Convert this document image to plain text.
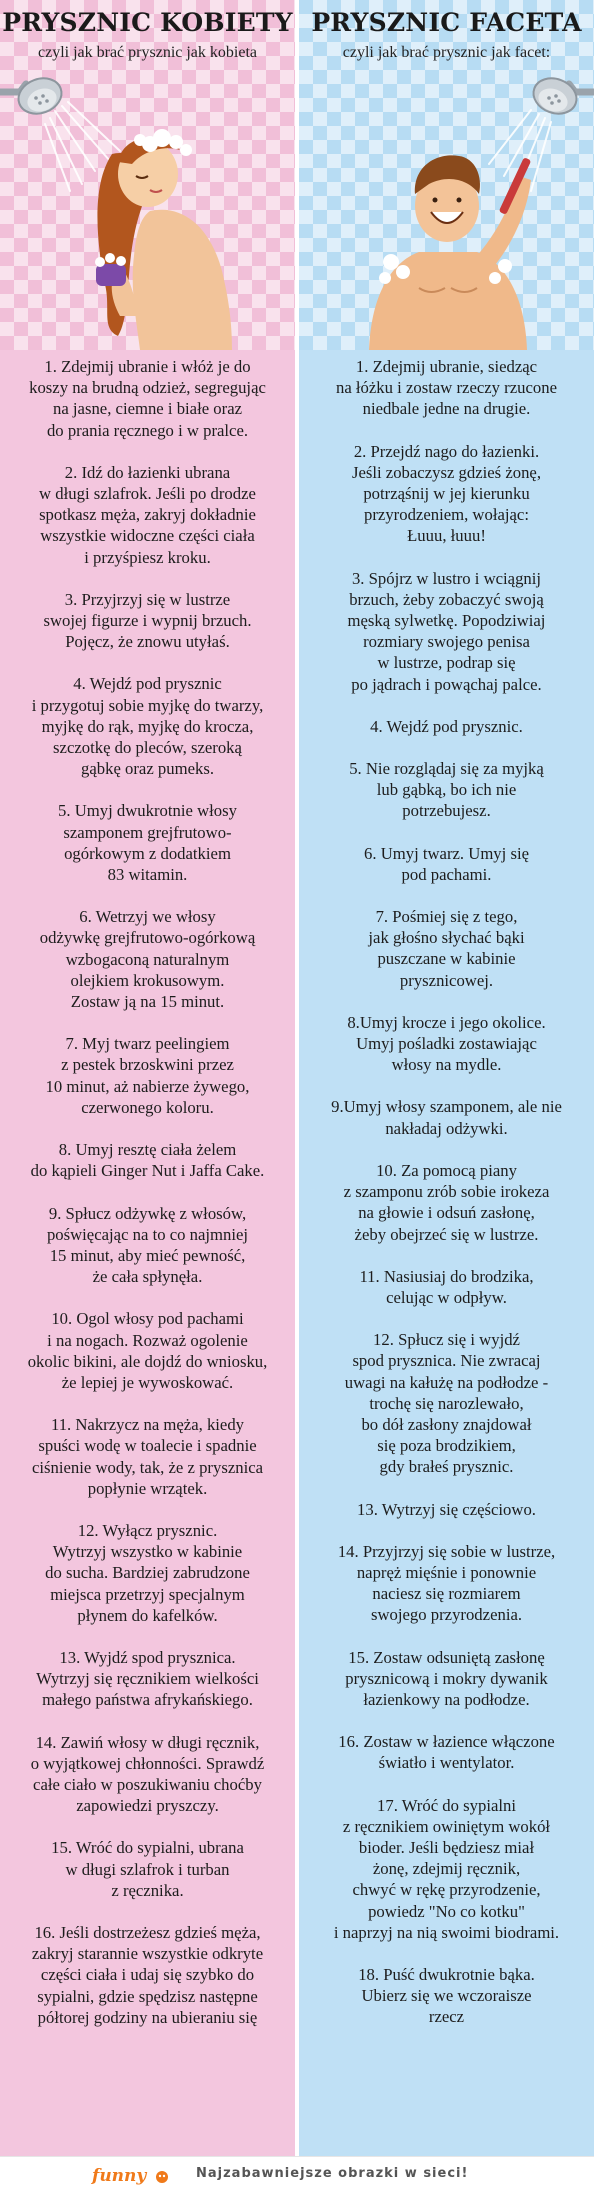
PRYSZNIC KOBIETY
czyli jak brać prysznic jak kobieta
1. Zdejmij ubranie i włóż je do
koszy na brudną odzież, segregując
na jasne, ciemne i białe oraz
do prania ręcznego i w pralce.
2. Idź do łazienki ubrana
w długi szlafrok. Jeśli po drodze
spotkasz męża, zakryj dokładnie
wszystkie widoczne części ciała
i przyśpiesz kroku.
3. Przyjrzyj się w lustrze
swojej figurze i wypnij brzuch.
Pojęcz, że znowu utyłaś.
4. Wejdź pod prysznic
i przygotuj sobie myjkę do twarzy,
myjkę do rąk, myjkę do krocza,
szczotkę do pleców, szeroką
gąbkę oraz pumeks.
5. Umyj dwukrotnie włosy
szamponem grejfrutowo-
ogórkowym z dodatkiem
83 witamin.
6. Wetrzyj we włosy
odżywkę grejfrutowo-ogórkową
wzbogaconą naturalnym
olejkiem krokusowym.
Zostaw ją na 15 minut.
7. Myj twarz peelingiem
z pestek brzoskwini przez
10 minut, aż nabierze żywego,
czerwonego koloru.
8. Umyj resztę ciała żelem
do kąpieli Ginger Nut i Jaffa Cake.
9. Spłucz odżywkę z włosów,
poświęcając na to co najmniej
15 minut, aby mieć pewność,
że cała spłynęła.
10. Ogol włosy pod pachami
i na nogach. Rozważ ogolenie
okolic bikini, ale dojdź do wniosku,
że lepiej je wywoskować.
11. Nakrzycz na męża, kiedy
spuści wodę w toalecie i spadnie
ciśnienie wody, tak, że z prysznica
popłynie wrzątek.
12. Wyłącz prysznic.
Wytrzyj wszystko w kabinie
do sucha. Bardziej zabrudzone
miejsca przetrzyj specjalnym
płynem do kafelków.
13. Wyjdź spod prysznica.
Wytrzyj się ręcznikiem wielkości
małego państwa afrykańskiego.
14. Zawiń włosy w długi ręcznik,
o wyjątkowej chłonności. Sprawdź
całe ciało w poszukiwaniu choćby
zapowiedzi pryszczy.
15. Wróć do sypialni, ubrana
w długi szlafrok i turban
z ręcznika.
16. Jeśli dostrzeżesz gdzieś męża,
zakryj starannie wszystkie odkryte
części ciała i udaj się szybko do
sypialni, gdzie spędzisz następne
półtorej godziny na ubieraniu się
PRYSZNIC FACETA
czyli jak brać prysznic jak facet:
1. Zdejmij ubranie, siedząc
na łóżku i zostaw rzeczy rzucone
niedbale jedne na drugie.
2. Przejdź nago do łazienki.
Jeśli zobaczysz gdzieś żonę,
potrząśnij w jej kierunku
przyrodzeniem, wołając:
Łuuu, łuuu!
3. Spójrz w lustro i wciągnij
brzuch, żeby zobaczyć swoją
męską sylwetkę. Popodziwiaj
rozmiary swojego penisa
w lustrze, podrap się
po jądrach i powąchaj palce.
4. Wejdź pod prysznic.
5. Nie rozglądaj się za myjką
lub gąbką, bo ich nie
potrzebujesz.
6. Umyj twarz. Umyj się
pod pachami.
7. Pośmiej się z tego,
jak głośno słychać bąki
puszczane w kabinie
prysznicowej.
8.Umyj krocze i jego okolice.
Umyj pośladki zostawiając
włosy na mydle.
9.Umyj włosy szamponem, ale nie
nakładaj odżywki.
10. Za pomocą piany
z szamponu zrób sobie irokeza
na głowie i odsuń zasłonę,
żeby obejrzeć się w lustrze.
11. Nasiusiaj do brodzika,
celując w odpływ.
12. Spłucz się i wyjdź
spod prysznica. Nie zwracaj
uwagi na kałużę na podłodze -
trochę się narozlewało,
bo dół zasłony znajdował
się poza brodzikiem,
gdy brałeś prysznic.
13. Wytrzyj się częściowo.
14. Przyjrzyj się sobie w lustrze,
napręż mięśnie i ponownie
naciesz się rozmiarem
swojego przyrodzenia.
15. Zostaw odsuniętą zasłonę
prysznicową i mokry dywanik
łazienkowy na podłodze.
16. Zostaw w łazience włączone
światło i wentylator.
17. Wróć do sypialni
z ręcznikiem owiniętym wokół
bioder. Jeśli będziesz miał
żonę, zdejmij ręcznik,
chwyć w rękę przyrodzenie,
powiedz "No co kotku"
i naprzyj na nią swoimi biodrami.
18. Puść dwukrotnie bąka.
Ubierz się we wczoraisze
rzecz
funny	Najzabawniejsze obrazki w sieci!
